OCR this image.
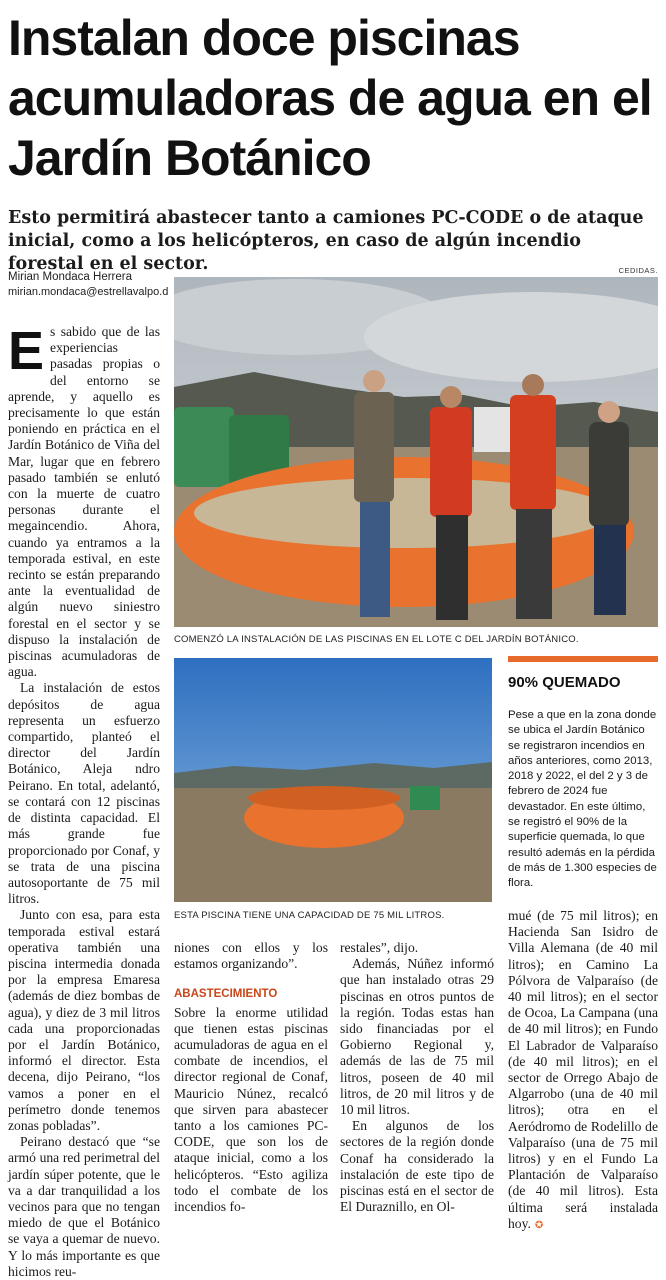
Instalan doce piscinas acumuladoras de agua en el Jardín Botánico

Esto permitirá abastecer tanto a camiones PC-CODE o de ataque inicial, como a los helicópteros, en caso de algún incendio forestal en el sector.

Mirian Mondaca Herrera
mirian.mondaca@estrellavalpo.d
CEDIDAS.
COMENZÓ LA INSTALACIÓN DE LAS PISCINAS EN EL LOTE C DEL JARDÍN BOTÁNICO.
ESTA PISCINA TIENE UNA CAPACIDAD DE 75 MIL LITROS.
90% QUEMADO

Pese a que en la zona donde se ubica el Jardín Botánico se registraron incendios en años anteriores, como 2013, 2018 y 2022, el del 2 y 3 de febrero de 2024 fue devastador. En este último, se registró el 90% de la superficie quemada, lo que resultó además en la pérdida de más de 1.300 especies de flora.

Es sabido que de las experiencias pasadas propias o del entorno se aprende, y aquello es precisamente lo que están poniendo en práctica en el Jardín Botánico de Viña del Mar, lugar que en febrero pasado también se enlutó con la muerte de cuatro personas durante el megaincendio. Ahora, cuando ya entramos a la temporada estival, en este recinto se están preparando ante la eventualidad de algún nuevo siniestro forestal en el sector y se dispuso la instalación de piscinas acumuladoras de agua.

La instalación de estos depósitos de agua representa un esfuerzo compartido, planteó el director del Jardín Botánico, Aleja ndro Peirano. En total, adelantó, se contará con 12 piscinas de distinta capacidad. El más grande fue proporcionado por Conaf, y se trata de una piscina autosoportante de 75 mil litros.

Junto con esa, para esta temporada estival estará operativa también una piscina intermedia donada por la empresa Emaresa (además de diez bombas de agua), y diez de 3 mil litros cada una proporcionadas por el Jardín Botánico, informó el director. Esta decena, dijo Peirano, “los vamos a poner en el perímetro donde tenemos zonas pobladas”.

Peirano destacó que “se armó una red perimetral del jardín súper potente, que le va a dar tranquilidad a los vecinos para que no tengan miedo de que el Botánico se vaya a quemar de nuevo. Y lo más importante es que hicimos reu-

niones con ellos y los estamos organizando”.

ABASTECIMIENTO

Sobre la enorme utilidad que tienen estas piscinas acumuladoras de agua en el combate de incendios, el director regional de Conaf, Mauricio Núnez, recalcó que sirven para abastecer tanto a los camiones PC-CODE, que son los de ataque inicial, como a los helicópteros. “Esto agiliza todo el combate de los incendios fo-

restales”, dijo.

Además, Núñez informó que han instalado otras 29 piscinas en otros puntos de la región. Todas estas han sido financiadas por el Gobierno Regional y, además de las de 75 mil litros, poseen de 40 mil litros, de 20 mil litros y de 10 mil litros.

En algunos de los sectores de la región donde Conaf ha considerado la instalación de este tipo de piscinas está en el sector de El Duraznillo, en Ol-

mué (de 75 mil litros); en Hacienda San Isidro de Villa Alemana (de 40 mil litros); en Camino La Pólvora de Valparaíso (de 40 mil litros); en el sector de Ocoa, La Campana (una de 40 mil litros); en Fundo El Labrador de Valparaíso (de 40 mil litros); en el sector de Orrego Abajo de Algarrobo (una de 40 mil litros); otra en el Aeródromo de Rodelillo de Valparaíso (una de 75 mil litros) y en el Fundo La Plantación de Valparaíso (de 40 mil litros). Esta última será instalada hoy. ✪
